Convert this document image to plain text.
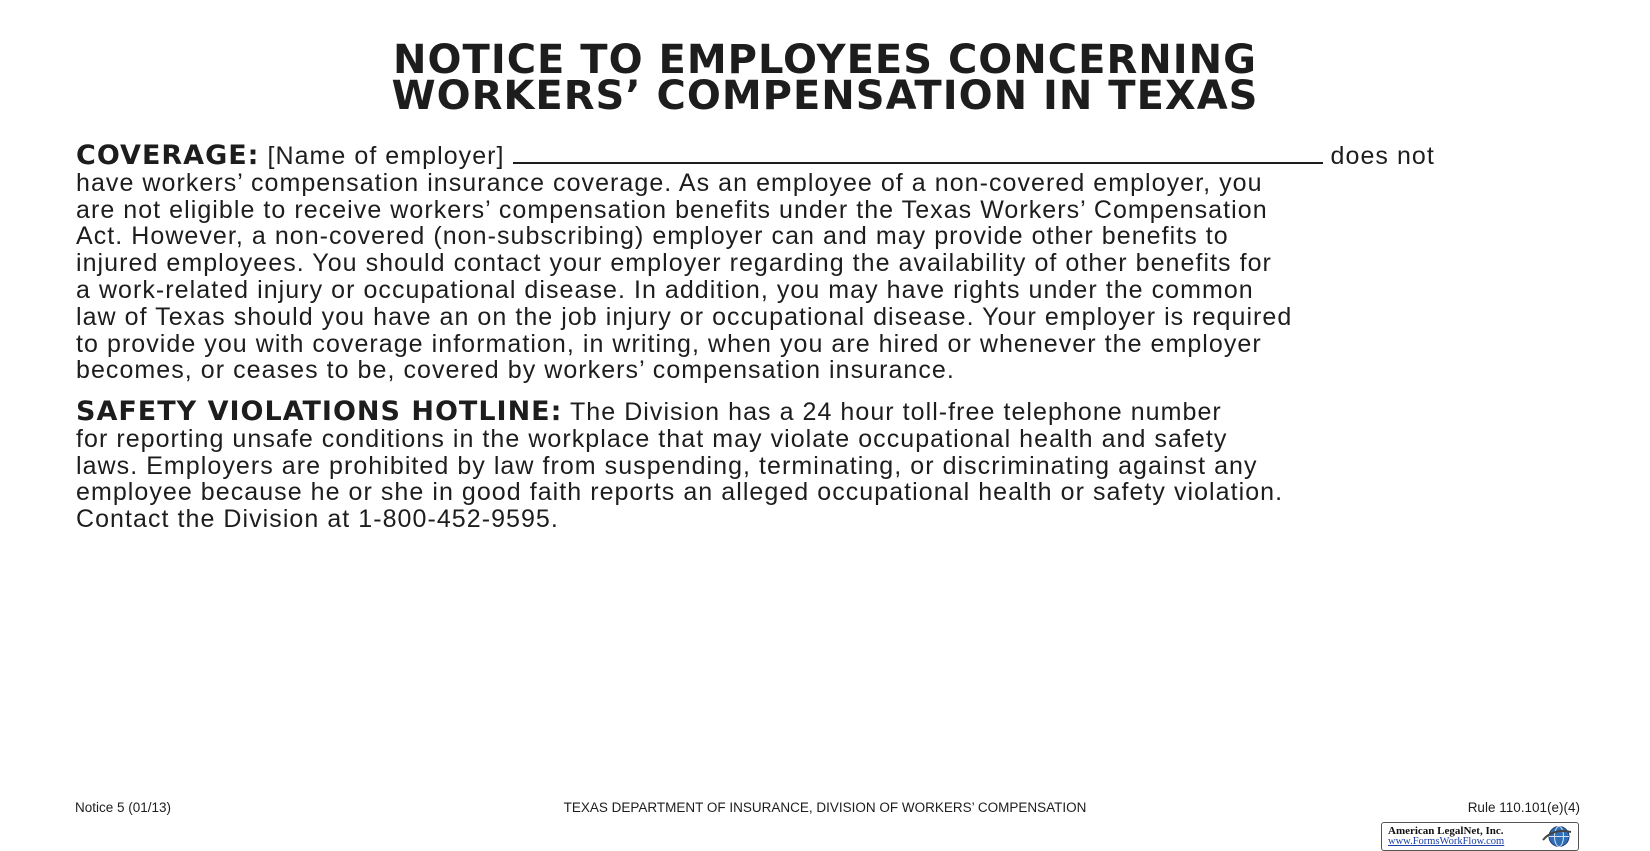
NOTICE TO EMPLOYEES CONCERNING
WORKERS’ COMPENSATION IN TEXAS
COVERAGE: [Name of employer]	does not
have workers’ compensation insurance coverage. As an employee of a non-covered employer, you
are not eligible to receive workers’ compensation benefits under the Texas Workers’ Compensation
Act. However, a non-covered (non-subscribing) employer can and may provide other benefits to
injured employees. You should contact your employer regarding the availability of other benefits for
a work-related injury or occupational disease. In addition, you may have rights under the common
law of Texas should you have an on the job injury or occupational disease. Your employer is required
to provide you with coverage information, in writing, when you are hired or whenever the employer
becomes, or ceases to be, covered by workers’ compensation insurance.
SAFETY VIOLATIONS HOTLINE: The Division has a 24 hour toll-free telephone number
for reporting unsafe conditions in the workplace that may violate occupational health and safety
laws. Employers are prohibited by law from suspending, terminating, or discriminating against any
employee because he or she in good faith reports an alleged occupational health or safety violation.
Contact the Division at 1-800-452-9595.
Notice 5 (01/13)	TEXAS DEPARTMENT OF INSURANCE, DIVISION OF WORKERS’ COMPENSATION	Rule 110.101(e)(4)
American LegalNet, Inc.
www.FormsWorkFlow.com
